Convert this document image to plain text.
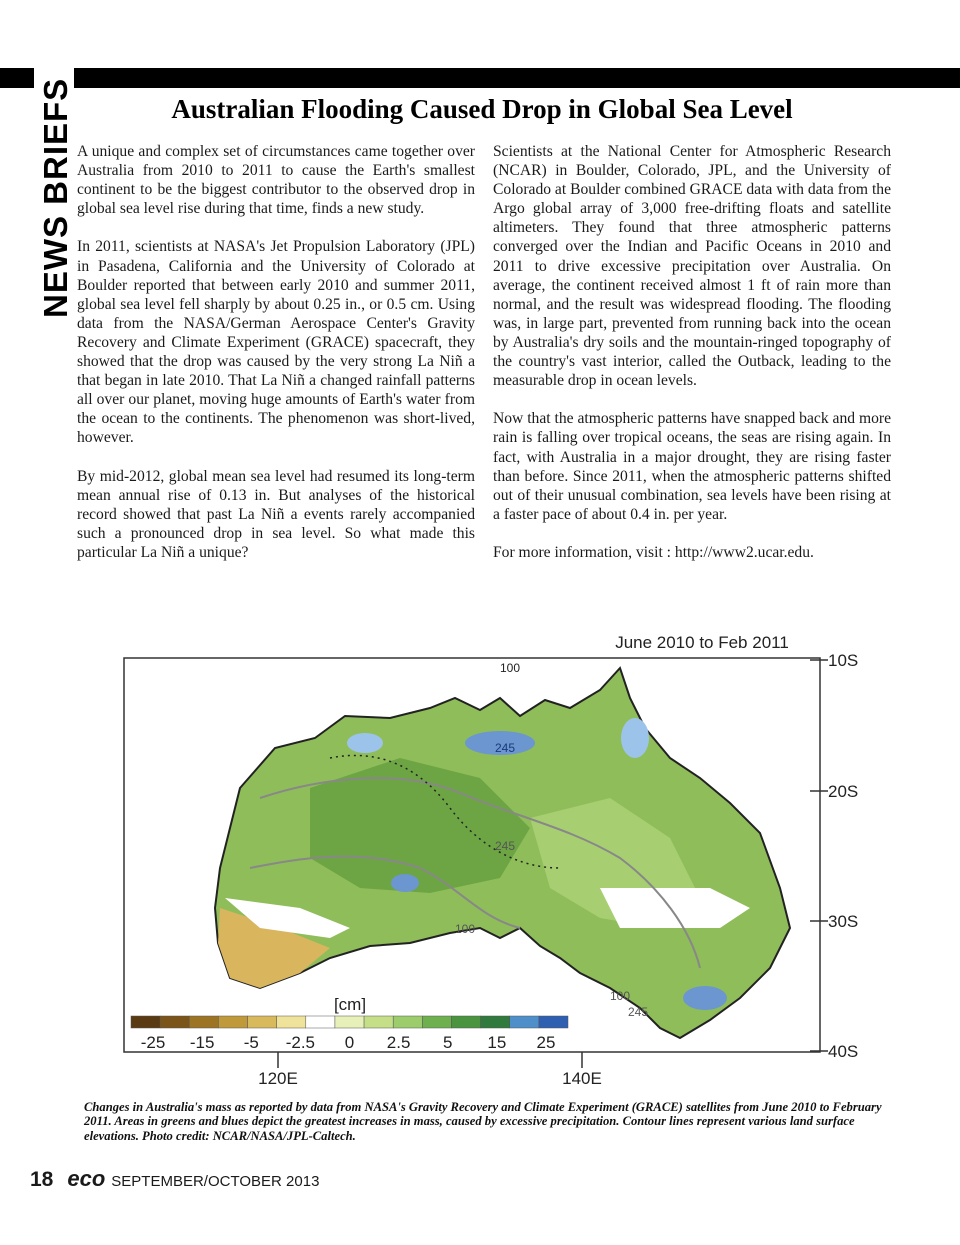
NEWS BRIEFS	Australian Flooding Caused Drop in Global Sea Level

A unique and complex set of circumstances came together over Australia from 2010 to 2011 to cause the Earth's smallest continent to be the biggest contributor to the observed drop in global sea level rise during that time, finds a new study.

In 2011, scientists at NASA's Jet Propulsion Laboratory (JPL) in Pasadena, California and the University of Colorado at Boulder reported that between early 2010 and summer 2011, global sea level fell sharply by about 0.25 in., or 0.5 cm. Using data from the NASA/German Aerospace Center's Gravity Recovery and Climate Experiment (GRACE) spacecraft, they showed that the drop was caused by the very strong La Niñ a that began in late 2010. That La Niñ a changed rainfall patterns all over our planet, moving huge amounts of Earth's water from the ocean to the continents. The phenomenon was short-lived, however.

By mid-2012, global mean sea level had resumed its long-term mean annual rise of 0.13 in. But analyses of the historical record showed that past La Niñ a events rarely accompanied such a pronounced drop in sea level. So what made this particular La Niñ a unique?

Scientists at the National Center for Atmospheric Research (NCAR) in Boulder, Colorado, JPL, and the University of Colorado at Boulder combined GRACE data with data from the Argo global array of 3,000 free-drifting floats and satellite altimeters. They found that three atmospheric patterns converged over the Indian and Pacific Oceans in 2010 and 2011 to drive excessive precipitation over Australia. On average, the continent received almost 1 ft of rain more than normal, and the result was widespread flooding. The flooding was, in large part, prevented from running back into the ocean by Australia's dry soils and the mountain-ringed topography of the country's vast interior, called the Outback, leading to the measurable drop in ocean levels.

Now that the atmospheric patterns have snapped back and more rain is falling over tropical oceans, the seas are rising again. In fact, with Australia in a major drought, they are rising faster than before. Since 2011, when the atmospheric patterns shifted out of their unusual combination, sea levels have been rising at a faster pace of about 0.4 in. per year.

For more information, visit : http://www2.ucar.edu.

June 2010 to Feb 2011
10S
20S
30S
40S
120E	140E
100
245
245
100
100
245
[cm]
-25 -15 -5 -2.5 0 2.5 5 15 25
Changes in Australia's mass as reported by data from NASA's Gravity Recovery and Climate Experiment (GRACE) satellites from June 2010 to February 2011. Areas in greens and blues depict the greatest increases in mass, caused by excessive precipitation. Contour lines represent various land surface elevations. Photo credit: NCAR/NASA/JPL-Caltech.
18 eco SEPTEMBER/OCTOBER 2013
